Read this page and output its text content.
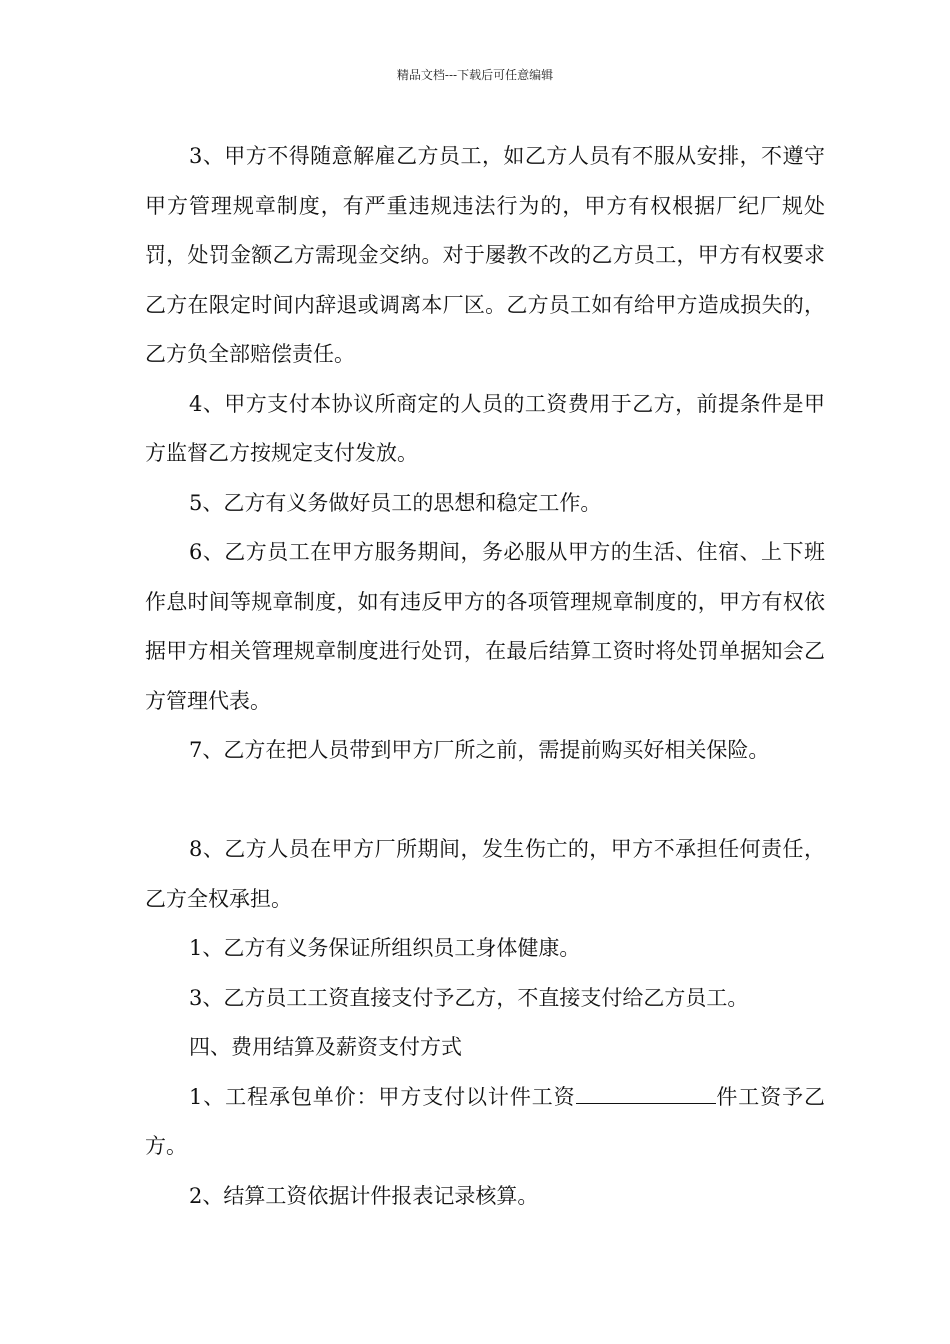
精品文档---下载后可任意编辑

3、甲方不得随意解雇乙方员工，如乙方人员有不服从安排，不遵守甲方管理规章制度，有严重违规违法行为的，甲方有权根据厂纪厂规处罚，处罚金额乙方需现金交纳。对于屡教不改的乙方员工，甲方有权要求乙方在限定时间内辞退或调离本厂区。乙方员工如有给甲方造成损失的，乙方负全部赔偿责任。

4、甲方支付本协议所商定的人员的工资费用于乙方，前提条件是甲方监督乙方按规定支付发放。

5、乙方有义务做好员工的思想和稳定工作。

6、乙方员工在甲方服务期间，务必服从甲方的生活、住宿、上下班作息时间等规章制度，如有违反甲方的各项管理规章制度的，甲方有权依据甲方相关管理规章制度进行处罚，在最后结算工资时将处罚单据知会乙方管理代表。

7、乙方在把人员带到甲方厂所之前，需提前购买好相关保险。

8、乙方人员在甲方厂所期间，发生伤亡的，甲方不承担任何责任，乙方全权承担。

1、乙方有义务保证所组织员工身体健康。

3、乙方员工工资直接支付予乙方，不直接支付给乙方员工。

四、费用结算及薪资支付方式

1、工程承包单价：甲方支付以计件工资	件工资予乙方。

2、结算工资依据计件报表记录核算。
